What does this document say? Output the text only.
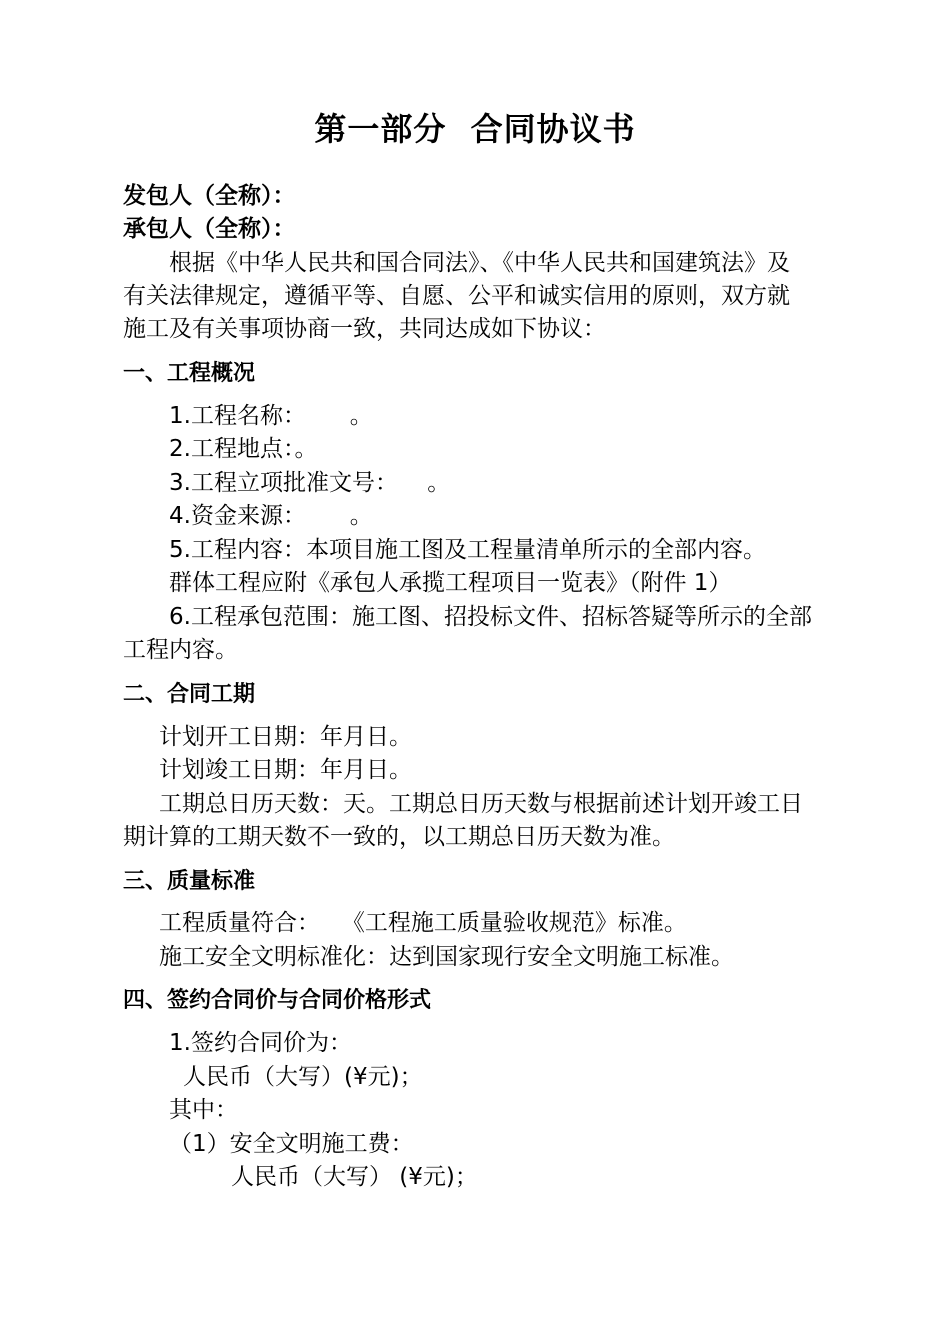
第一部分  合同协议书
发包人（全称）：
承包人（全称）：
根据《中华人民共和国合同法》、《中华人民共和国建筑法》及
有关法律规定，遵循平等、自愿、公平和诚实信用的原则，双方就
施工及有关事项协商一致，共同达成如下协议：
一、工程概况
1.工程名称：      。
2.工程地点：。
3.工程立项批准文号：    。
4.资金来源：      。
5.工程内容：本项目施工图及工程量清单所示的全部内容。
群体工程应附《承包人承揽工程项目一览表》（附件 1）
6.工程承包范围：施工图、招投标文件、招标答疑等所示的全部
工程内容。
二、合同工期
计划开工日期：年月日。
计划竣工日期：年月日。
工期总日历天数：天。工期总日历天数与根据前述计划开竣工日
期计算的工期天数不一致的，以工期总日历天数为准。
三、质量标准
工程质量符合：   《工程施工质量验收规范》标准。
施工安全文明标准化：达到国家现行安全文明施工标准。
四、签约合同价与合同价格形式
1.签约合同价为：
人民币（大写）(¥元)；
其中：
（1）安全文明施工费：
人民币（大写） (¥元)；
